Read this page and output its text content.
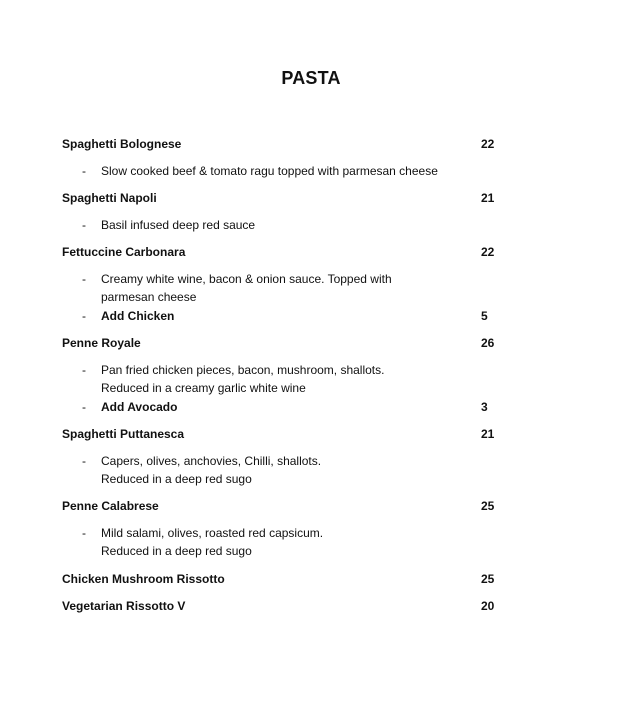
PASTA
Spaghetti Bolognese	22
- Slow cooked beef & tomato ragu topped with parmesan cheese
Spaghetti Napoli	21
- Basil infused deep red sauce
Fettuccine Carbonara	22
- Creamy white wine, bacon & onion sauce. Topped with
parmesan cheese
- Add Chicken	5
Penne Royale	26
- Pan fried chicken pieces, bacon, mushroom, shallots.
Reduced in a creamy garlic white wine
- Add Avocado	3
Spaghetti Puttanesca	21
- Capers, olives, anchovies, Chilli, shallots.
Reduced in a deep red sugo
Penne Calabrese	25
- Mild salami, olives, roasted red capsicum.
Reduced in a deep red sugo
Chicken Mushroom Rissotto	25
Vegetarian Rissotto V	20
